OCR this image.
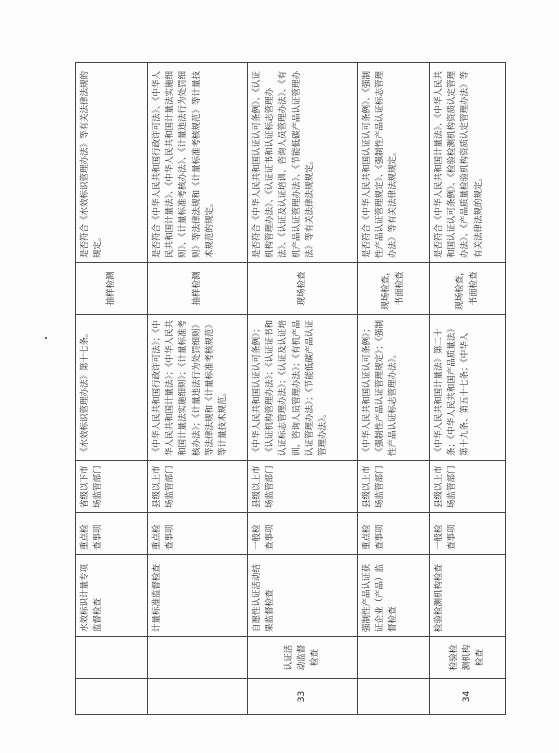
		水效标识计量专项监督检查	重点检查事项	省级以下市场监管部门	《水效标识管理办法》第十七条。	抽样检测	是否符合《水效标识管理办法》等有关法律法规的规定。
		计量标准监督检查	重点检查事项	县级以上市场监管部门	《中华人民共和国行政许可法》；《中华人民共和国计量法》；《中华人民共和国计量法实施细则》；《计量标准考核办法》；《计量违法行为处罚细则》等法律法规和《计量标准考核规范》等计量技术规范。	抽样检测	是否符合《中华人民共和国行政许可法》、《中华人民共和国计量法》、《中华人民共和国计量法实施细则》、《计量标准考核办法》、《计量违法行为处罚细则》等法律法规和《计量标准考核规范》等计量技术规范的规定。
33	认证活动监督检查	自愿性认证活动结果监督检查	一般检查事项	县级以上市场监管部门	《中华人民共和国认证认可条例》；《认证机构管理办法》；《认证证书和认证标志管理办法》；《认证及认证培训、咨询人员管理办法》；《有机产品认证管理办法》；《节能低碳产品认证管理办法》。	现场检查	是否符合《中华人民共和国认证认可条例》、《认证机构管理办法》、《认证证书和认证标志管理办法》、《认证及认证培训、咨询人员管理办法》、《有机产品认证管理办法》、《节能低碳产品认证管理办法》等有关法律法规规定。
		强制性产品认证获证企业（产品）监督检查	重点检查事项	县级以上市场监管部门	《中华人民共和国认证认可条例》；《强制性产品认证管理规定》；《强制性产品认证标志管理办法》。	现场检查，书面检查	是否符合《中华人民共和国认证认可条例》、《强制性产品认证管理规定》、《强制性产品认证标志管理办法》等有关法律法规规定。
34	检验检测机构检查	检验检测机构检查	一般检查事项	县级以上市场监管部门	《中华人民共和国计量法》第二十条；《中华人民共和国产品质量法》第十九条、第五十七条；《中华人	现场检查，书面检查	是否符合《中华人民共和国计量法》、《中华人民共和国认证认可条例》、《检验检测机构资质认定管理办法》、《产品质量检验机构资质认定管理办法》等有关法律法规的规定。
